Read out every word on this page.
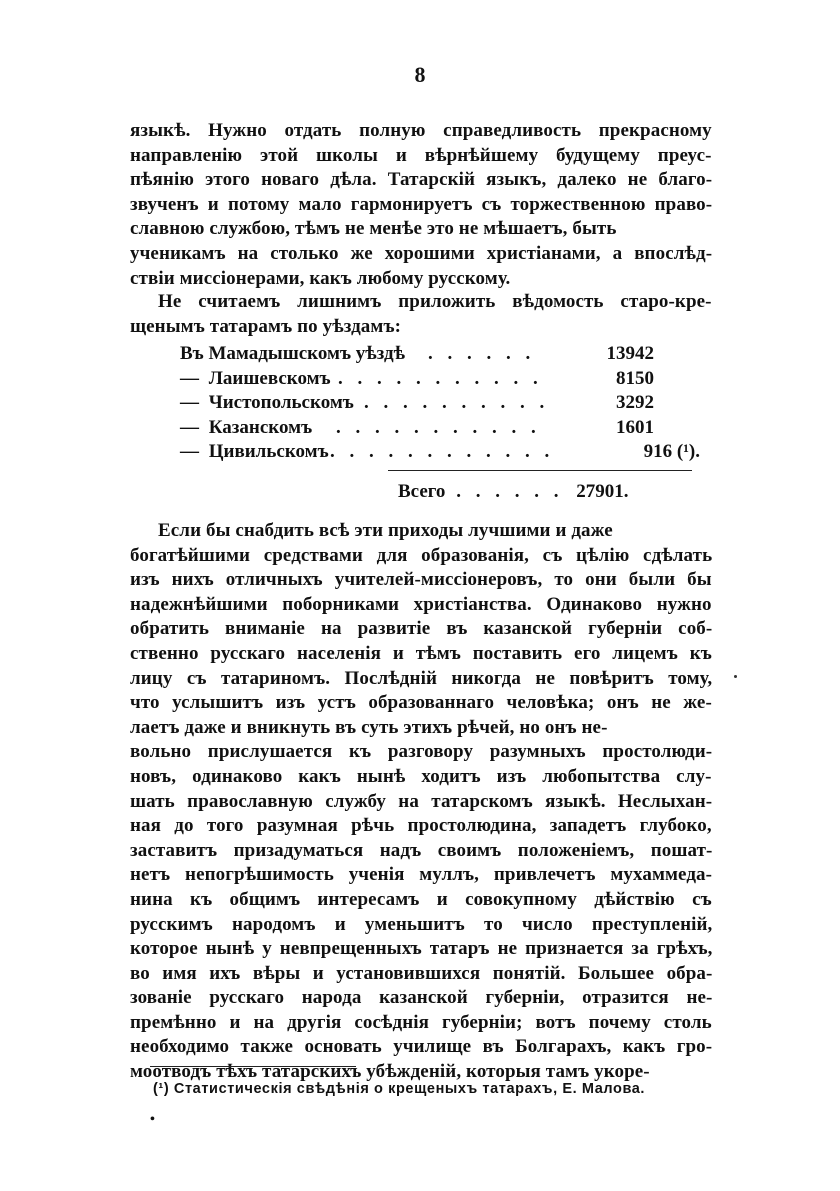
8
языкѣ. Нужно отдать полную справедливость прекрасному
направленію этой школы и вѣрнѣйшему будущему преус-
пѣянію этого новаго дѣла. Татарскій языкъ, далеко не благо-
звученъ и потому мало гармонируетъ съ торжественною право-
славною службою, тѣмъ не менѣе это не мѣшаетъ, быть
ученикамъ на столько же хорошими христіанами, а впослѣд-
ствіи миссіонерами, какъ любому русскому.
Не считаемъ лишнимъ приложить вѣдомость старо-кре-
щенымъ татарамъ по уѣздамъ:
Въ Мамадышскомъ уѣздѣ . . . . . .	13942
— Лаишевскомъ . . . . . . . . . . .	8150
— Чистопольскомъ . . . . . . . . . .	3292
— Казанскомъ . . . . . . . . . . .	1601
— Цивильскомъ . . . . . . . . . . . .	916 (¹).
Всего . . . . . . 27901.
Если бы снабдить всѣ эти приходы лучшими и даже
богатѣйшими средствами для образованія, съ цѣлію сдѣлать
изъ нихъ отличныхъ учителей-миссіонеровъ, то они были бы
надежнѣйшими поборниками христіанства. Одинаково нужно
обратить вниманіе на развитіе въ казанской губерніи соб-
ственно русскаго населенія и тѣмъ поставить его лицемъ къ
лицу съ татариномъ. Послѣдній никогда не повѣритъ тому,
что услышитъ изъ устъ образованнаго человѣка; онъ не же-
лаетъ даже и вникнуть въ суть этихъ рѣчей, но онъ не-
вольно прислушается къ разговору разумныхъ простолюди-
новъ, одинаково какъ нынѣ ходитъ изъ любопытства слу-
шать православную службу на татарскомъ языкѣ. Неслыхан-
ная до того разумная рѣчь простолюдина, западетъ глубоко,
заставитъ призадуматься надъ своимъ положеніемъ, пошат-
нетъ непогрѣшимость ученія муллъ, привлечетъ мухаммеда-
нина къ общимъ интересамъ и совокупному дѣйствію съ
русскимъ народомъ и уменьшитъ то число преступленій,
которое нынѣ у невпрещенныхъ татаръ не признается за грѣхъ,
во имя ихъ вѣры и установившихся понятій. Большее обра-
зованіе русскаго народа казанской губерніи, отразится не-
премѣнно и на другія сосѣднія губерніи; вотъ почему столь
необходимо также основать училище въ Болгарахъ, какъ гро-
моотводъ тѣхъ татарскихъ убѣжденій, которыя тамъ укоре-
(¹) Статистическія свѣдѣнія о крещеныхъ татарахъ, Е. Малова.
•
